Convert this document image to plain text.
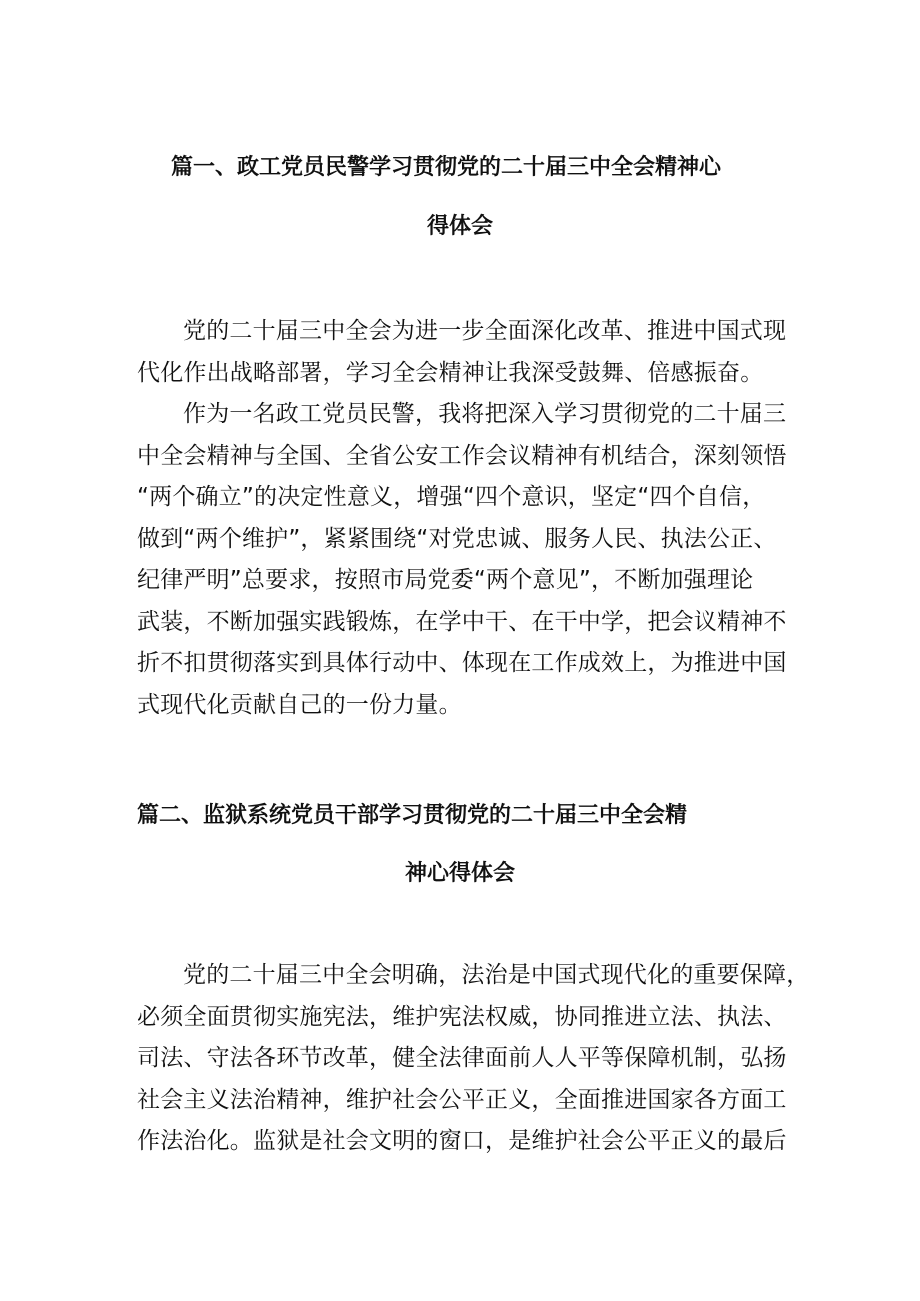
篇一、政工党员民警学习贯彻党的二十届三中全会精神心
得体会
党的二十届三中全会为进一步全面深化改革、推进中国式现
代化作出战略部署，学习全会精神让我深受鼓舞、倍感振奋。
作为一名政工党员民警，我将把深入学习贯彻党的二十届三
中全会精神与全国、全省公安工作会议精神有机结合，深刻领悟
“两个确立”的决定性意义，增强“四个意识，坚定“四个自信，
做到“两个维护”，紧紧围绕“对党忠诚、服务人民、执法公正、
纪律严明”总要求，按照市局党委“两个意见”，不断加强理论
武装，不断加强实践锻炼，在学中干、在干中学，把会议精神不
折不扣贯彻落实到具体行动中、体现在工作成效上，为推进中国
式现代化贡献自己的一份力量。
篇二、监狱系统党员干部学习贯彻党的二十届三中全会精
神心得体会
党的二十届三中全会明确，法治是中国式现代化的重要保障，
必须全面贯彻实施宪法，维护宪法权威，协同推进立法、执法、
司法、守法各环节改革，健全法律面前人人平等保障机制，弘扬
社会主义法治精神，维护社会公平正义，全面推进国家各方面工
作法治化。监狱是社会文明的窗口，是维护社会公平正义的最后
